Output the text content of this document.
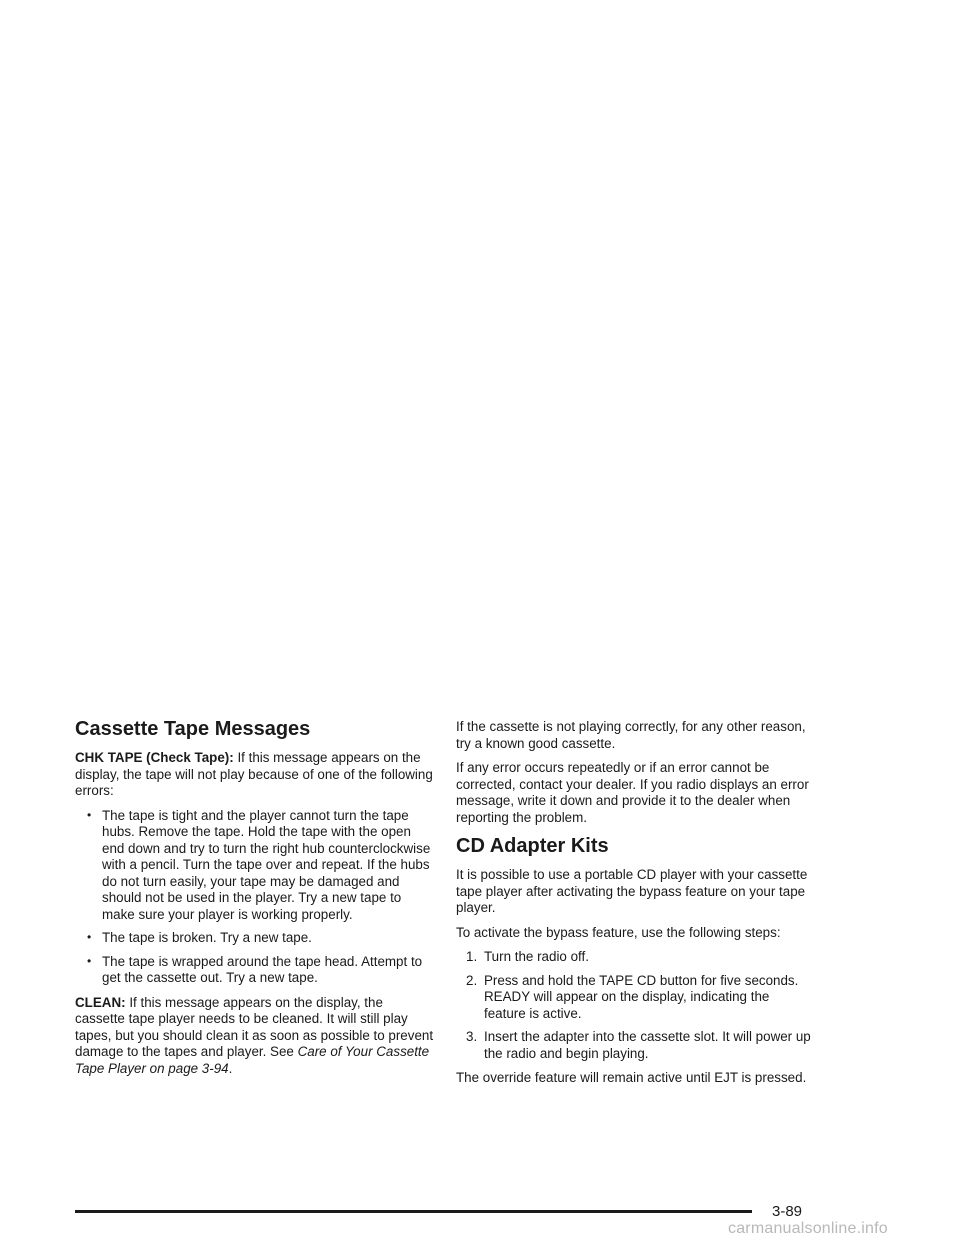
Cassette Tape Messages

CHK TAPE (Check Tape): If this message appears on the display, the tape will not play because of one of the following errors:

• The tape is tight and the player cannot turn the tape hubs. Remove the tape. Hold the tape with the open end down and try to turn the right hub counterclockwise with a pencil. Turn the tape over and repeat. If the hubs do not turn easily, your tape may be damaged and should not be used in the player. Try a new tape to make sure your player is working properly.
• The tape is broken. Try a new tape.
• The tape is wrapped around the tape head. Attempt to get the cassette out. Try a new tape.

CLEAN: If this message appears on the display, the cassette tape player needs to be cleaned. It will still play tapes, but you should clean it as soon as possible to prevent damage to the tapes and player. See Care of Your Cassette Tape Player on page 3-94.

If the cassette is not playing correctly, for any other reason, try a known good cassette.

If any error occurs repeatedly or if an error cannot be corrected, contact your dealer. If you radio displays an error message, write it down and provide it to the dealer when reporting the problem.

CD Adapter Kits

It is possible to use a portable CD player with your cassette tape player after activating the bypass feature on your tape player.

To activate the bypass feature, use the following steps:

1. Turn the radio off.
2. Press and hold the TAPE CD button for five seconds. READY will appear on the display, indicating the feature is active.
3. Insert the adapter into the cassette slot. It will power up the radio and begin playing.

The override feature will remain active until EJT is pressed.

3-89
carmanualsonline.info
